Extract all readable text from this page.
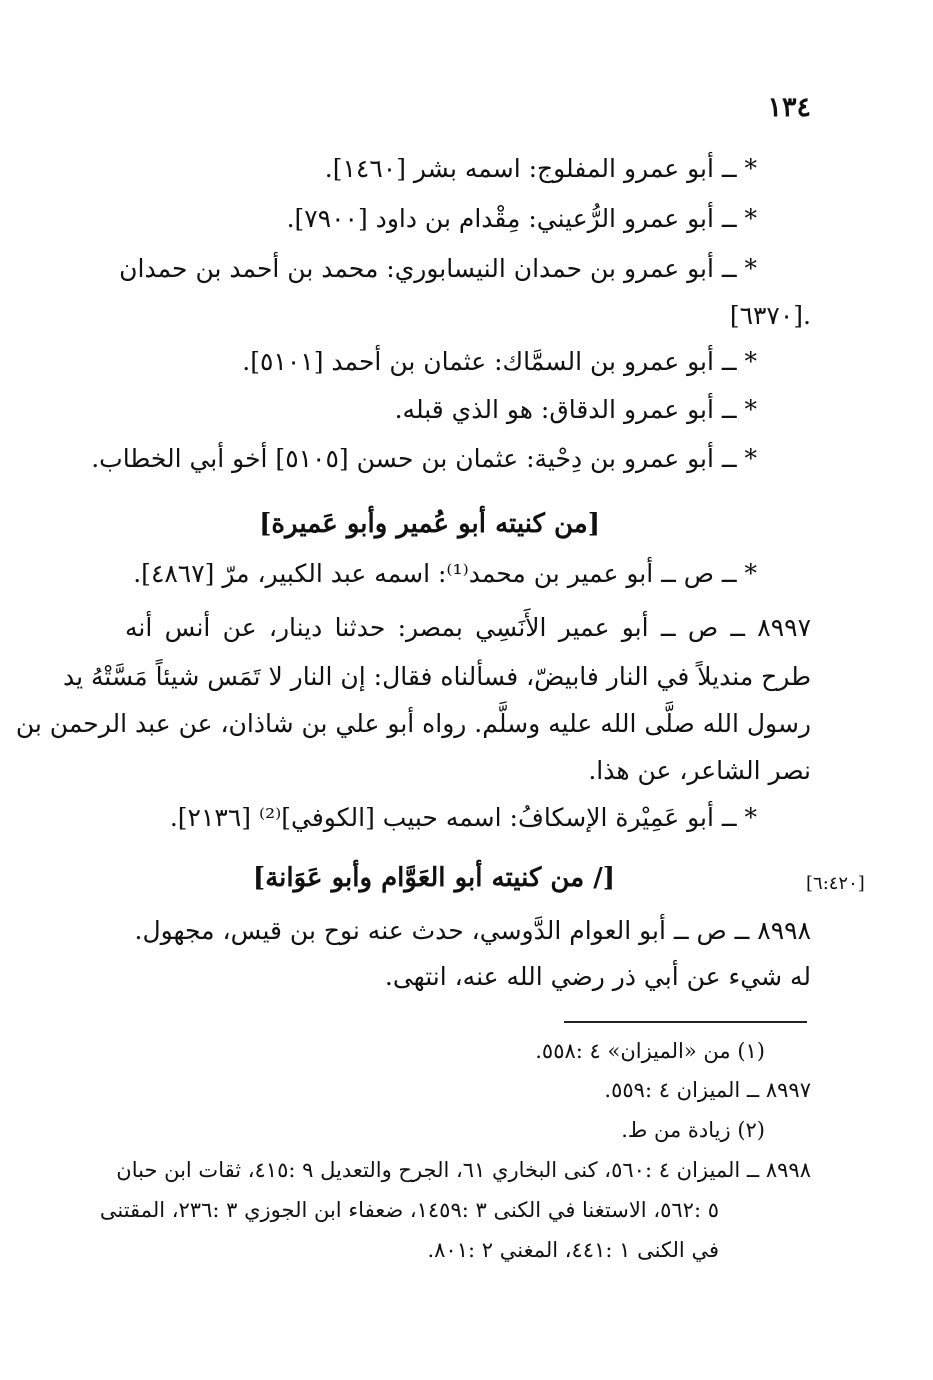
١٣٤
* ــ أبو عمرو المفلوج: اسمه بشر [١٤٦٠].
* ــ أبو عمرو الرُّعيني: مِقْدام بن داود [٧٩٠٠].
* ــ أبو عمرو بن حمدان النيسابوري: محمد بن أحمد بن حمدان
[٦٣٧٠].
* ــ أبو عمرو بن السمَّاك: عثمان بن أحمد [٥١٠١].
* ــ أبو عمرو الدقاق: هو الذي قبله.
* ــ أبو عمرو بن دِحْية: عثمان بن حسن [٥١٠٥] أخو أبي الخطاب.
[من كنيته أبو عُمير وأبو عَميرة]
* ــ ص ــ أبو عمير بن محمد⁽¹⁾: اسمه عبد الكبير، مرّ [٤٨٦٧].
٨٩٩٧ ــ ص ــ أبو عمير الأَنَسِي بمصر: حدثنا دينار، عن أنس أنه
طرح منديلاً في النار فابيضّ، فسألناه فقال: إن النار لا تَمَس شيئاً مَسَّتْهُ يد
رسول الله صلَّى الله عليه وسلَّم. رواه أبو علي بن شاذان، عن عبد الرحمن بن
نصر الشاعر، عن هذا.
* ــ أبو عَمِيْرة الإسكافُ: اسمه حبيب [الكوفي]⁽²⁾ [٢١٣٦].
[/ من كنيته أبو العَوَّام وأبو عَوَانة]	[٦:٤٢٠]
٨٩٩٨ ــ ص ــ أبو العوام الدَّوسي، حدث عنه نوح بن قيس، مجهول.
له شيء عن أبي ذر رضي الله عنه، انتهى.
(١) من «الميزان» ٤ :٥٥٨.
٨٩٩٧ ــ الميزان ٤ :٥٥٩.
(٢) زيادة من ط.
٨٩٩٨ ــ الميزان ٤ :٥٦٠، كنى البخاري ٦١، الجرح والتعديل ٩ :٤١٥، ثقات ابن حبان
٥ :٥٦٢، الاستغنا في الكنى ٣ :١٤٥٩، ضعفاء ابن الجوزي ٣ :٢٣٦، المقتنى
في الكنى ١ :٤٤١، المغني ٢ :٨٠١.
